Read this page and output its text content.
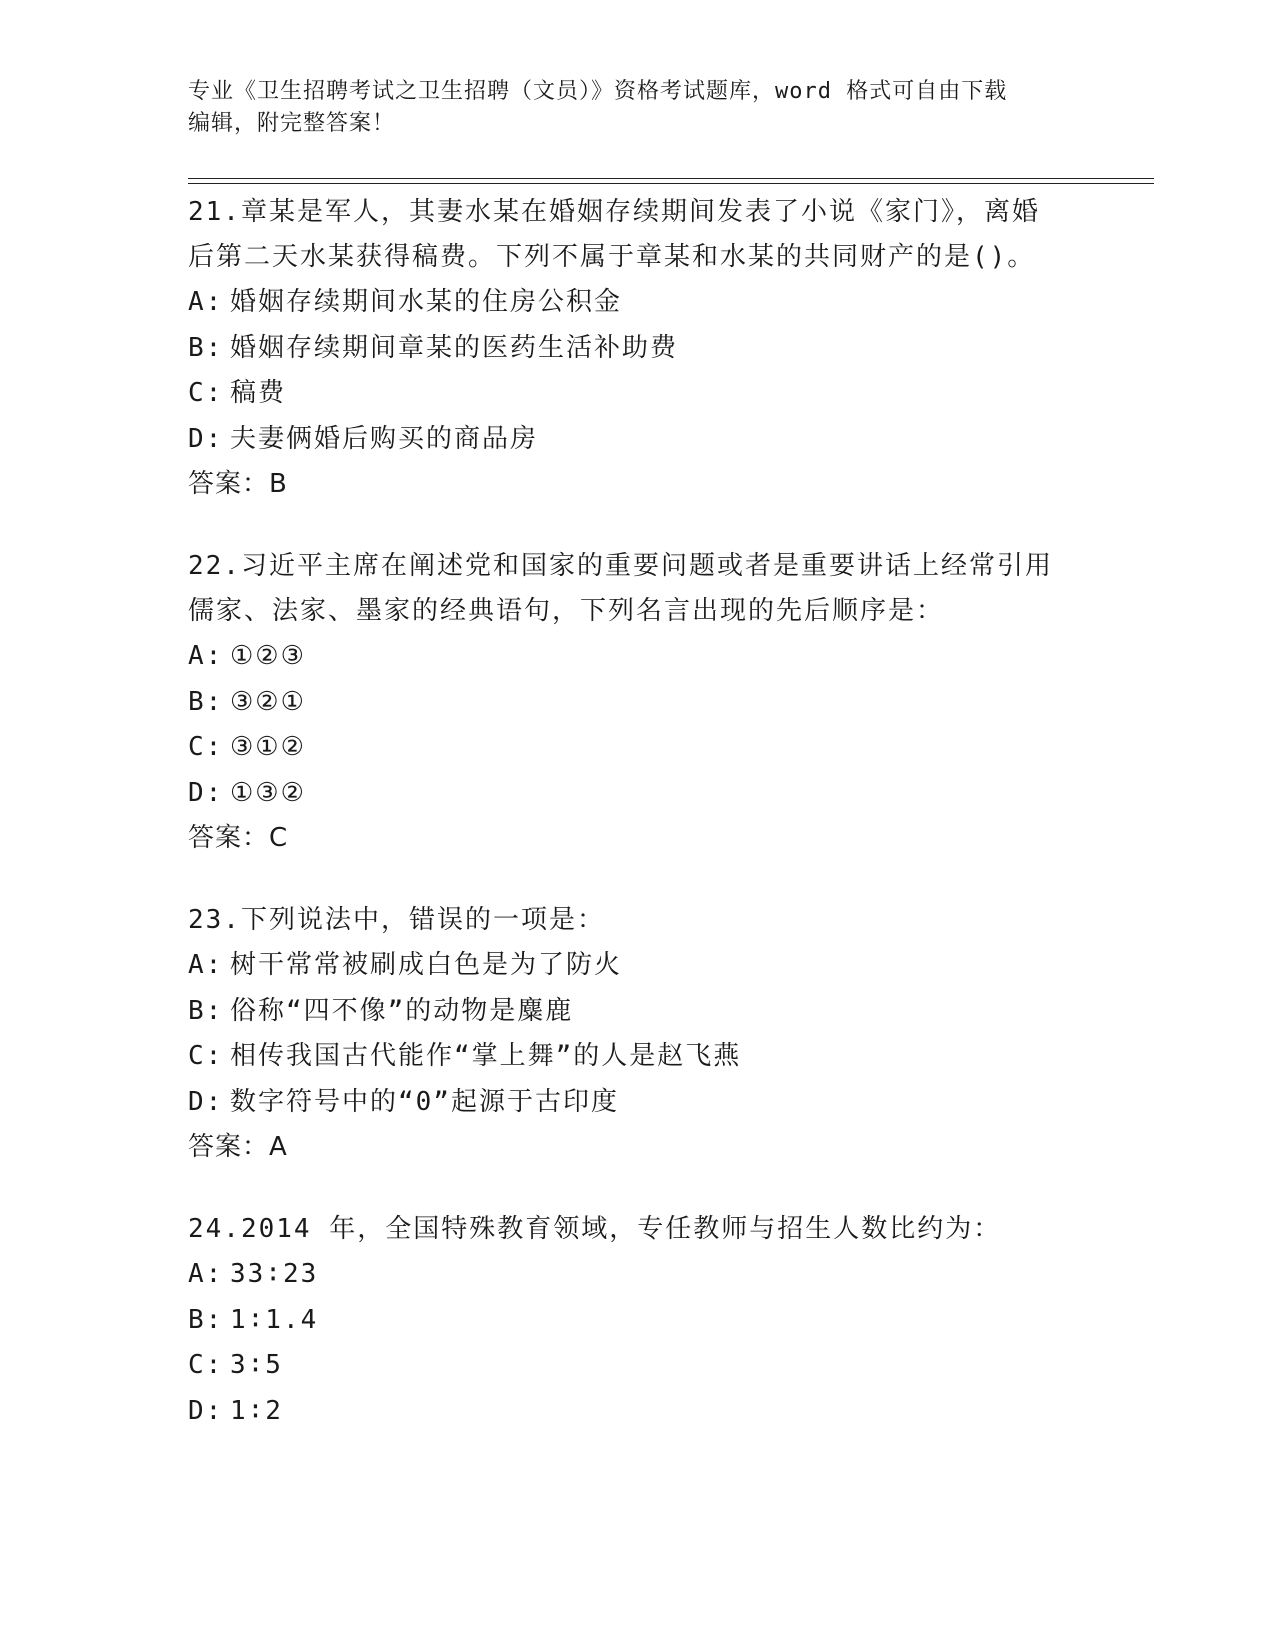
专业《卫生招聘考试之卫生招聘（文员）》资格考试题库，word 格式可自由下载
编辑，附完整答案！

21.章某是军人，其妻水某在婚姻存续期间发表了小说《家门》，离婚

后第二天水某获得稿费。下列不属于章某和水某的共同财产的是()。

A: 婚姻存续期间水某的住房公积金

B: 婚姻存续期间章某的医药生活补助费

C: 稿费

D: 夫妻俩婚后购买的商品房

答案：B

22.习近平主席在阐述党和国家的重要问题或者是重要讲话上经常引用

儒家、法家、墨家的经典语句，下列名言出现的先后顺序是：

A: ①②③

B: ③②①

C: ③①②

D: ①③②

答案：C

23.下列说法中，错误的一项是：

A: 树干常常被刷成白色是为了防火

B: 俗称“四不像”的动物是麋鹿

C: 相传我国古代能作“掌上舞”的人是赵飞燕

D: 数字符号中的“0”起源于古印度

答案：A

24.2014 年，全国特殊教育领域，专任教师与招生人数比约为：

A: 33∶23

B: 1∶1.4

C: 3∶5

D: 1∶2
